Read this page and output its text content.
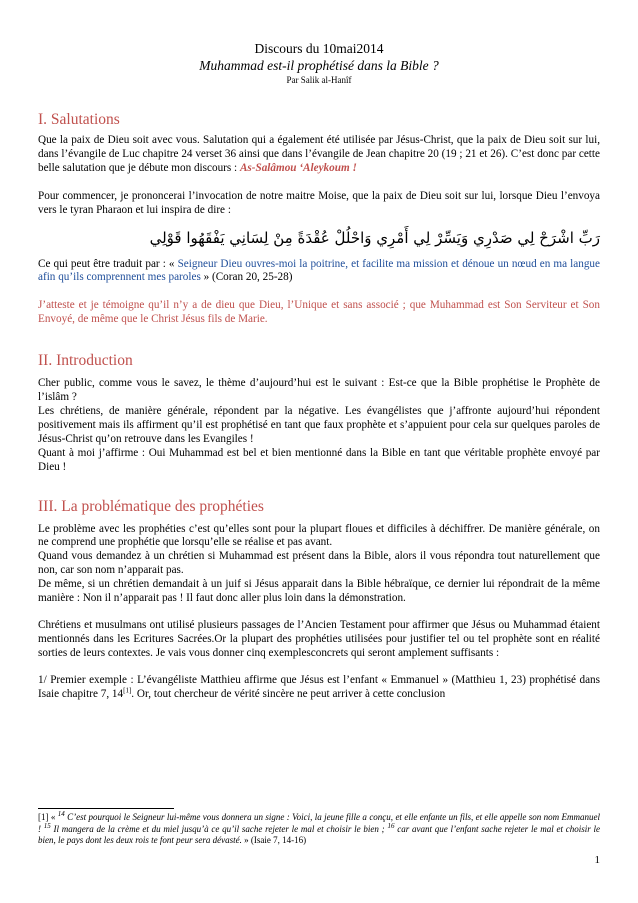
Discours du 10mai2014
Muhammad est-il prophétisé dans la Bible ?
Par Salik al-Hanîf
I. Salutations

Que la paix de Dieu soit avec vous. Salutation qui a également été utilisée par Jésus-Christ, que la paix de Dieu soit sur lui, dans l’évangile de Luc chapitre 24 verset 36 ainsi que dans l’évangile de Jean chapitre 20 (19 ; 21 et 26). C’est donc par cette belle salutation que je débute mon discours : As-Salâmou ‘Aleykoum !

Pour commencer, je prononcerai l’invocation de notre maitre Moise, que la paix de Dieu soit sur lui, lorsque Dieu l’envoya vers le tyran Pharaon et lui inspira de dire :

رَبِّ اشْرَحْ لِي صَدْرِي وَيَسِّرْ لِي أَمْرِي وَاحْلُلْ عُقْدَةً مِنْ لِسَانِي يَفْقَهُوا قَوْلِي

Ce qui peut être traduit par : « Seigneur Dieu ouvres-moi la poitrine, et facilite ma mission et dénoue un nœud en ma langue afin qu’ils comprennent mes paroles » (Coran 20, 25-28)

J’atteste et je témoigne qu’il n’y a de dieu que Dieu, l’Unique et sans associé ; que Muhammad est Son Serviteur et Son Envoyé, de même que le Christ Jésus fils de Marie.

II. Introduction

Cher public, comme vous le savez, le thème d’aujourd’hui est le suivant : Est-ce que la Bible prophétise le Prophète de l’islâm ?

Les chrétiens, de manière générale, répondent par la négative. Les évangélistes que j’affronte aujourd’hui répondent positivement mais ils affirment qu’il est prophétisé en tant que faux prophète et s’appuient pour cela sur quelques paroles de Jésus-Christ qu’on retrouve dans les Evangiles !

Quant à moi j’affirme : Oui Muhammad est bel et bien mentionné dans la Bible en tant que véritable prophète envoyé par Dieu !

III. La problématique des prophéties

Le problème avec les prophéties c’est qu’elles sont pour la plupart floues et difficiles à déchiffrer. De manière générale, on ne comprend une prophétie que lorsqu’elle se réalise et pas avant.

Quand vous demandez à un chrétien si Muhammad est présent dans la Bible, alors il vous répondra tout naturellement que non, car son nom n’apparait pas.

De même, si un chrétien demandait à un juif si Jésus apparait dans la Bible hébraïque, ce dernier lui répondrait de la même manière : Non il n’apparait pas ! Il faut donc aller plus loin dans la démonstration.

Chrétiens et musulmans ont utilisé plusieurs passages de l’Ancien Testament pour affirmer que Jésus ou Muhammad étaient mentionnés dans les Ecritures Sacrées.Or la plupart des prophéties utilisées pour justifier tel ou tel prophète sont en réalité sorties de leurs contextes. Je vais vous donner cinq exemplesconcrets qui seront amplement suffisants :

1/ Premier exemple : L’évangéliste Matthieu affirme que Jésus est l’enfant « Emmanuel » (Matthieu 1, 23) prophétisé dans Isaie chapitre 7, 14[1]. Or, tout chercheur de vérité sincère ne peut arriver à cette conclusion

[1] « $^{14}$ C’est pourquoi le Seigneur lui-même vous donnera un signe : Voici, la jeune fille a conçu, et elle enfante un fils, et elle appelle son nom Emmanuel ! $^{15}$ Il mangera de la crème et du miel jusqu’à ce qu’il sache rejeter le mal et choisir le bien ; $^{16}$ car avant que l’enfant sache rejeter le mal et choisir le bien, le pays dont les deux rois te font peur sera dévasté. » (Isaie 7, 14-16)
1
